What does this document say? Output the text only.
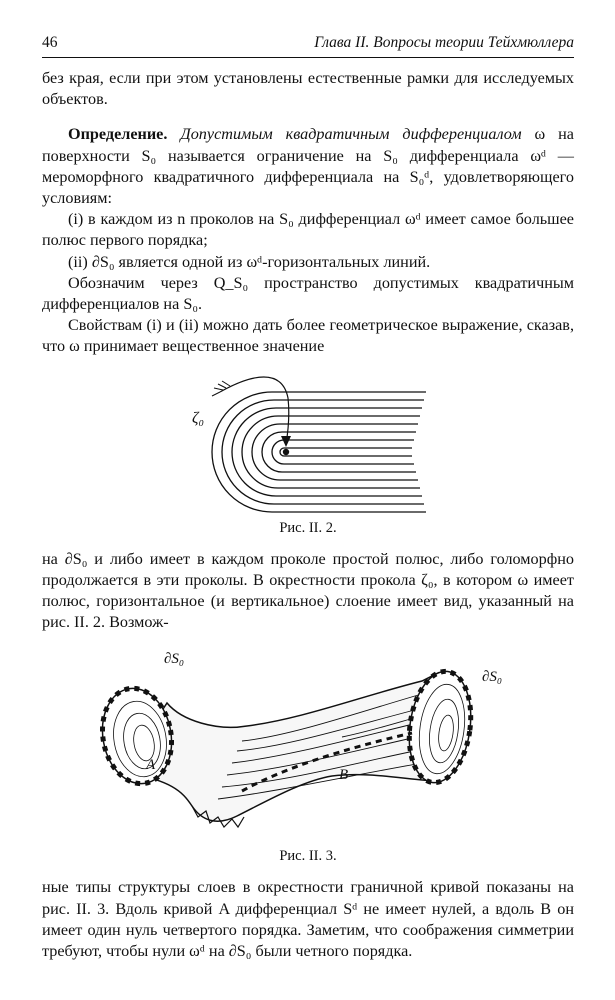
46	Глава II. Вопросы теории Тейхмюллера

без края, если при этом установлены естественные рамки для исследуемых объектов.

Определение. Допустимым квадратичным дифференциалом ω на поверхности S₀ называется ограничение на S₀ дифференциала ωᵈ — мероморфного квадратичного дифференциала на S₀ᵈ, удовлетворяющего условиям:

(i) в каждом из n проколов на S₀ дифференциал ωᵈ имеет самое большее полюс первого порядка;

(ii) ∂S₀ является одной из ωᵈ-горизонтальных линий.

Обозначим через Q_S₀ пространство допустимых квадратичным дифференциалов на S₀.

Свойствам (i) и (ii) можно дать более геометрическое выражение, сказав, что ω принимает вещественное значение

ζ₀
Рис. II. 2.

на ∂S₀ и либо имеет в каждом проколе простой полюс, либо голоморфно продолжается в эти проколы. В окрестности прокола ζ₀, в котором ω имеет полюс, горизонтальное (и вертикальное) слоение имеет вид, указанный на рис. II. 2. Возмож-

∂S₀
∂S₀
A
B
Рис. II. 3.

ные типы структуры слоев в окрестности граничной кривой показаны на рис. II. 3. Вдоль кривой A дифференциал Sᵈ не имеет нулей, а вдоль B он имеет один нуль четвертого порядка. Заметим, что соображения симметрии требуют, чтобы нули ωᵈ на ∂S₀ были четного порядка.
